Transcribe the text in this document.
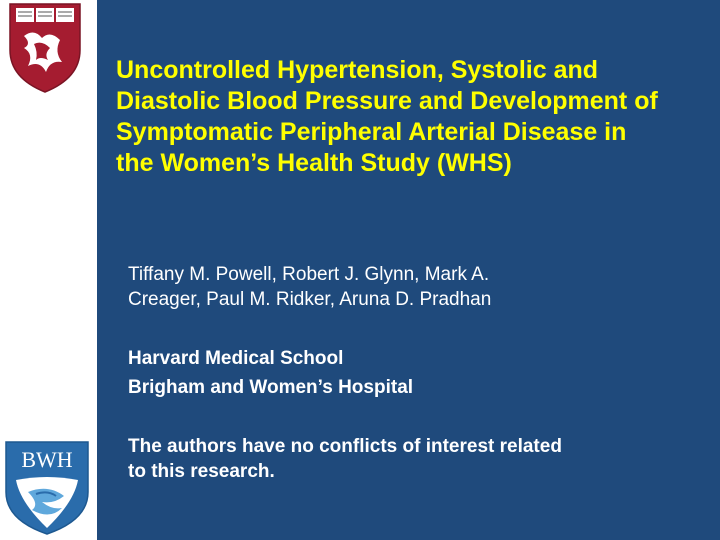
BWH
Uncontrolled Hypertension, Systolic and
Diastolic Blood Pressure and Development of
Symptomatic Peripheral Arterial Disease in
the Women’s Health Study (WHS)
Tiffany M. Powell, Robert J. Glynn, Mark A.
Creager, Paul M. Ridker, Aruna D. Pradhan
Harvard Medical School
Brigham and Women’s Hospital
The authors have no conflicts of interest related
to this research.
